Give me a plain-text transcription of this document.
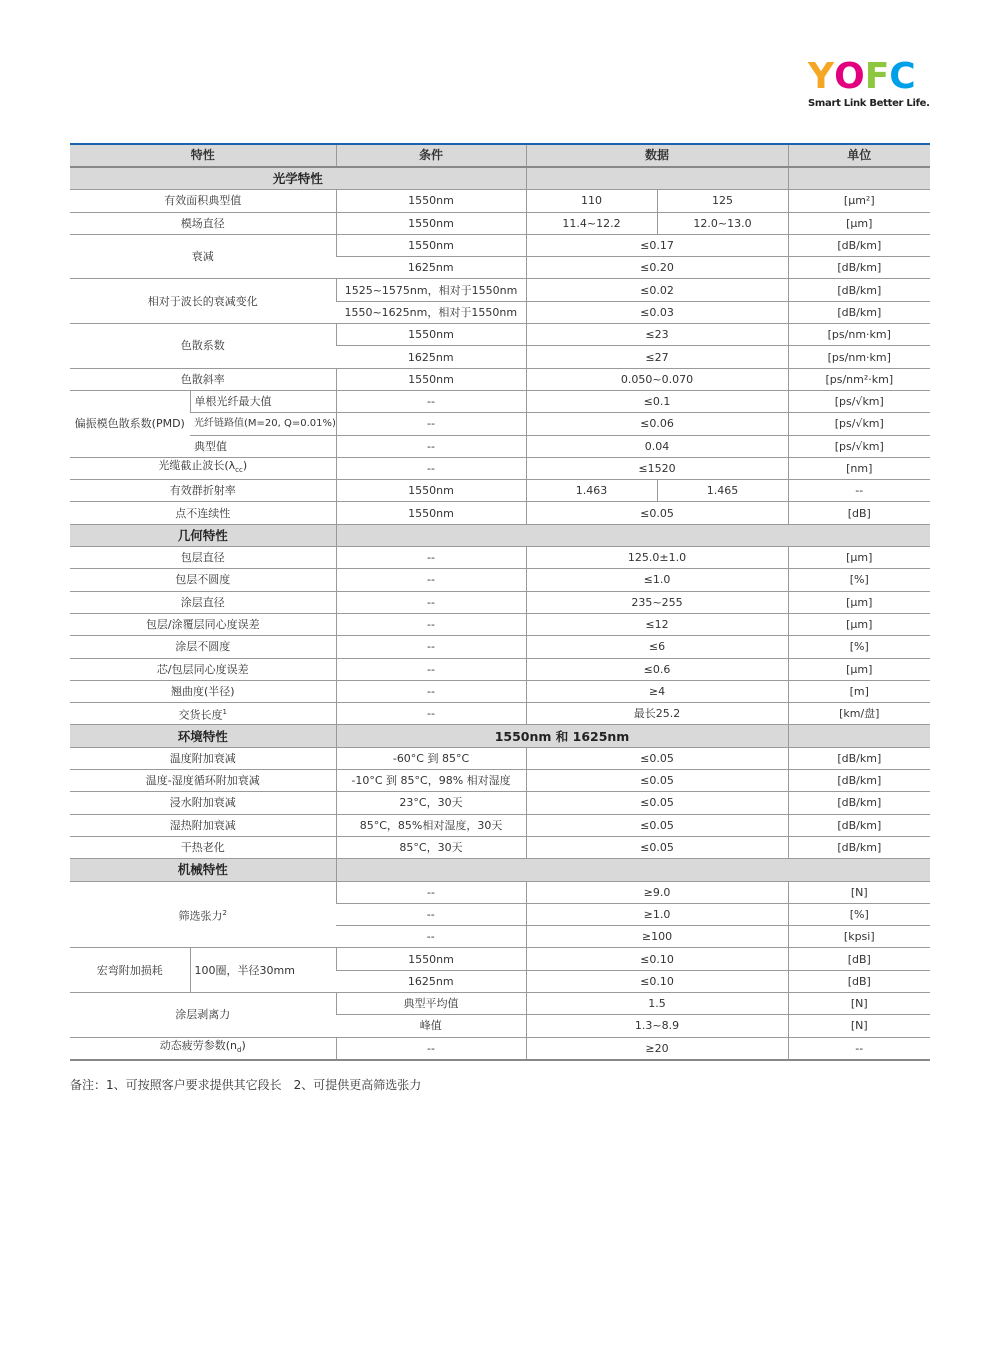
Y O F C
Smart Link Better Life.
特性		条件	数据		单位
光学特性					
有效面积典型值		1550nm	110	125	[μm²]
模场直径		1550nm	11.4~12.2	12.0~13.0	[μm]
衰减		1550nm	≤0.17		[dB/km]
		1625nm	≤0.20		[dB/km]
相对于波长的衰减变化		1525~1575nm，相对于1550nm	≤0.02		[dB/km]
		1550~1625nm，相对于1550nm	≤0.03		[dB/km]
色散系数		1550nm	≤23		[ps/nm·km]
		1625nm	≤27		[ps/nm·km]
色散斜率		1550nm	0.050~0.070		[ps/nm²·km]
偏振模色散系数(PMD)	单根光纤最大值	--	≤0.1		[ps/√km]
	光纤链路值(M=20, Q=0.01%)	--	≤0.06		[ps/√km]
	典型值	--	0.04		[ps/√km]
光缆截止波长$(\lambda_{cc})$		--	≤1520		[nm]
有效群折射率		1550nm	1.463	1.465	--
点不连续性		1550nm	≤0.05		[dB]
几何特性					
包层直径		--	125.0±1.0		[μm]
包层不圆度		--	≤1.0		[%]
涂层直径		--	235~255		[μm]
包层/涂覆层同心度误差		--	≤12		[μm]
涂层不圆度		--	≤6		[%]
芯/包层同心度误差		--	≤0.6		[μm]
翘曲度(半径)		--	≥4		[m]
交货长度$^1$		--	最长25.2		[km/盘]
环境特性		1550nm 和 1625nm			
温度附加衰减		-60°C 到 85°C	≤0.05		[dB/km]
温度-湿度循环附加衰减		-10°C 到 85°C，98% 相对湿度	≤0.05		[dB/km]
浸水附加衰减		23°C，30天	≤0.05		[dB/km]
湿热附加衰减		85°C，85%相对湿度，30天	≤0.05		[dB/km]
干热老化		85°C，30天	≤0.05		[dB/km]
机械特性					
筛选张力$^2$		--	≥9.0		[N]
		--	≥1.0		[%]
		--	≥100		[kpsi]
宏弯附加损耗	100圈，半径30mm	1550nm	≤0.10		[dB]
		1625nm	≤0.10		[dB]
涂层剥离力		典型平均值	1.5		[N]
		峰值	1.3~8.9		[N]
动态疲劳参数$(n_d)$		--	≥20		--
备注：1、可按照客户要求提供其它段长　2、可提供更高筛选张力
